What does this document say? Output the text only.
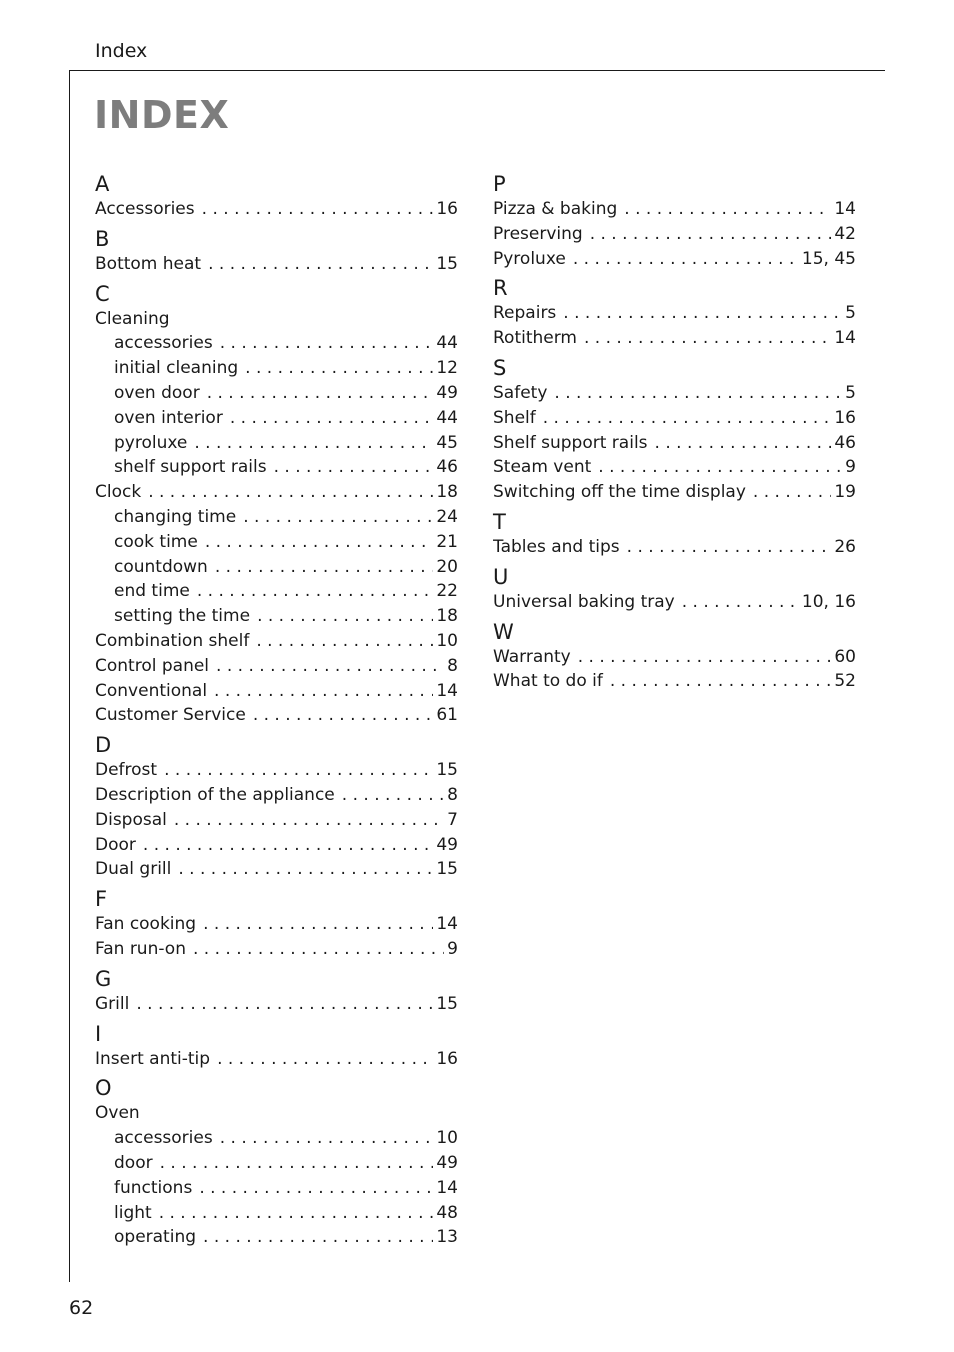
Index
INDEX
A
Accessories . . .	16
B
Bottom heat . . .	15
C
Cleaning
accessories . . .	44
initial cleaning . . .	12
oven door . . .	49
oven interior . . .	44
pyroluxe . . .	45
shelf support rails . . .	46
Clock . . .	18
changing time . . .	24
cook time . . .	21
countdown . . .	20
end time . . .	22
setting the time . . .	18
Combination shelf . . .	10
Control panel . . .	8
Conventional . . .	14
Customer Service . . .	61
D
Defrost . . .	15
Description of the appliance . . .	8
Disposal . . .	7
Door . . .	49
Dual grill . . .	15
F
Fan cooking . . .	14
Fan run-on . . .	9
G
Grill . . .	15
I
Insert anti-tip . . .	16
O
Oven
accessories . . .	10
door . . .	49
functions . . .	14
light . . .	48
operating . . .	13
P
Pizza & baking . . .	14
Preserving . . .	42
Pyroluxe . . .	15, 45
R
Repairs . . .	5
Rotitherm . . .	14
S
Safety . . .	5
Shelf . . .	16
Shelf support rails . . .	46
Steam vent . . .	9
Switching off the time display . . .	19
T
Tables and tips . . .	26
U
Universal baking tray . . .	10, 16
W
Warranty . . .	60
What to do if . . .	52
62
